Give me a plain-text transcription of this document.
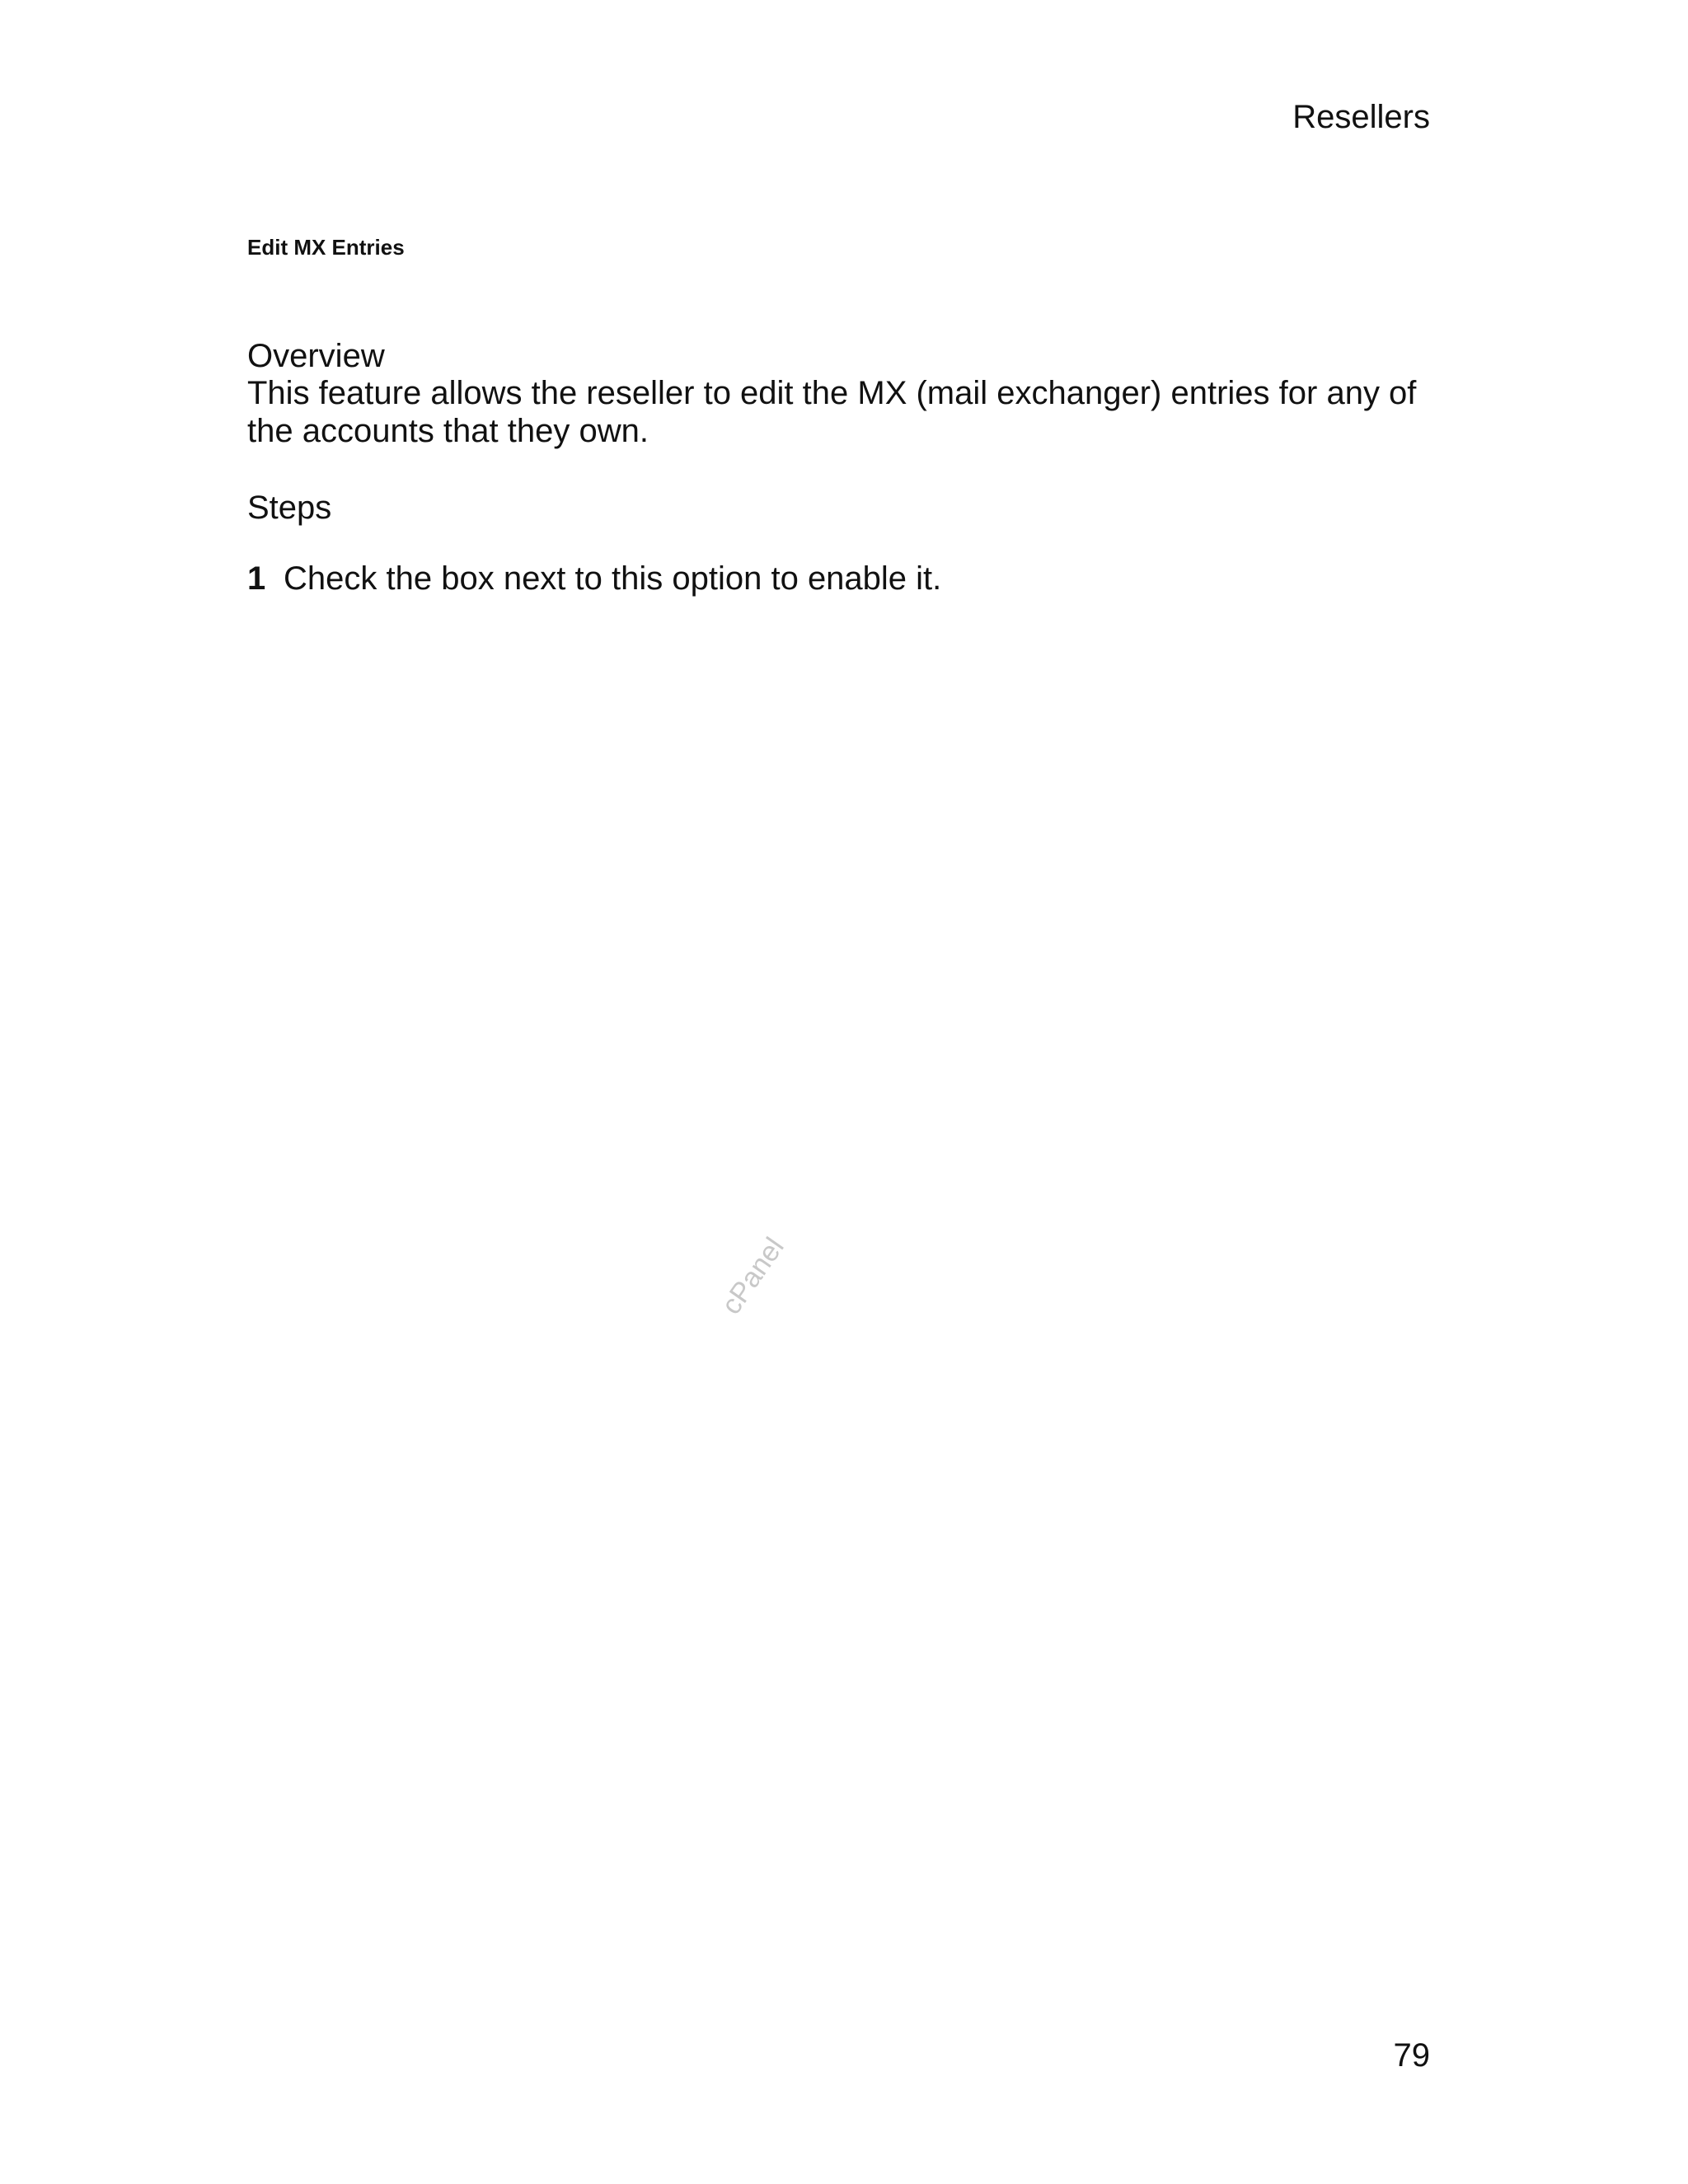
Resellers
Edit MX Entries
Overview
This feature allows the reseller to edit the MX (mail exchanger) entries for any of the accounts that they own.
Steps
1 Check the box next to this option to enable it.
cPanel
79
